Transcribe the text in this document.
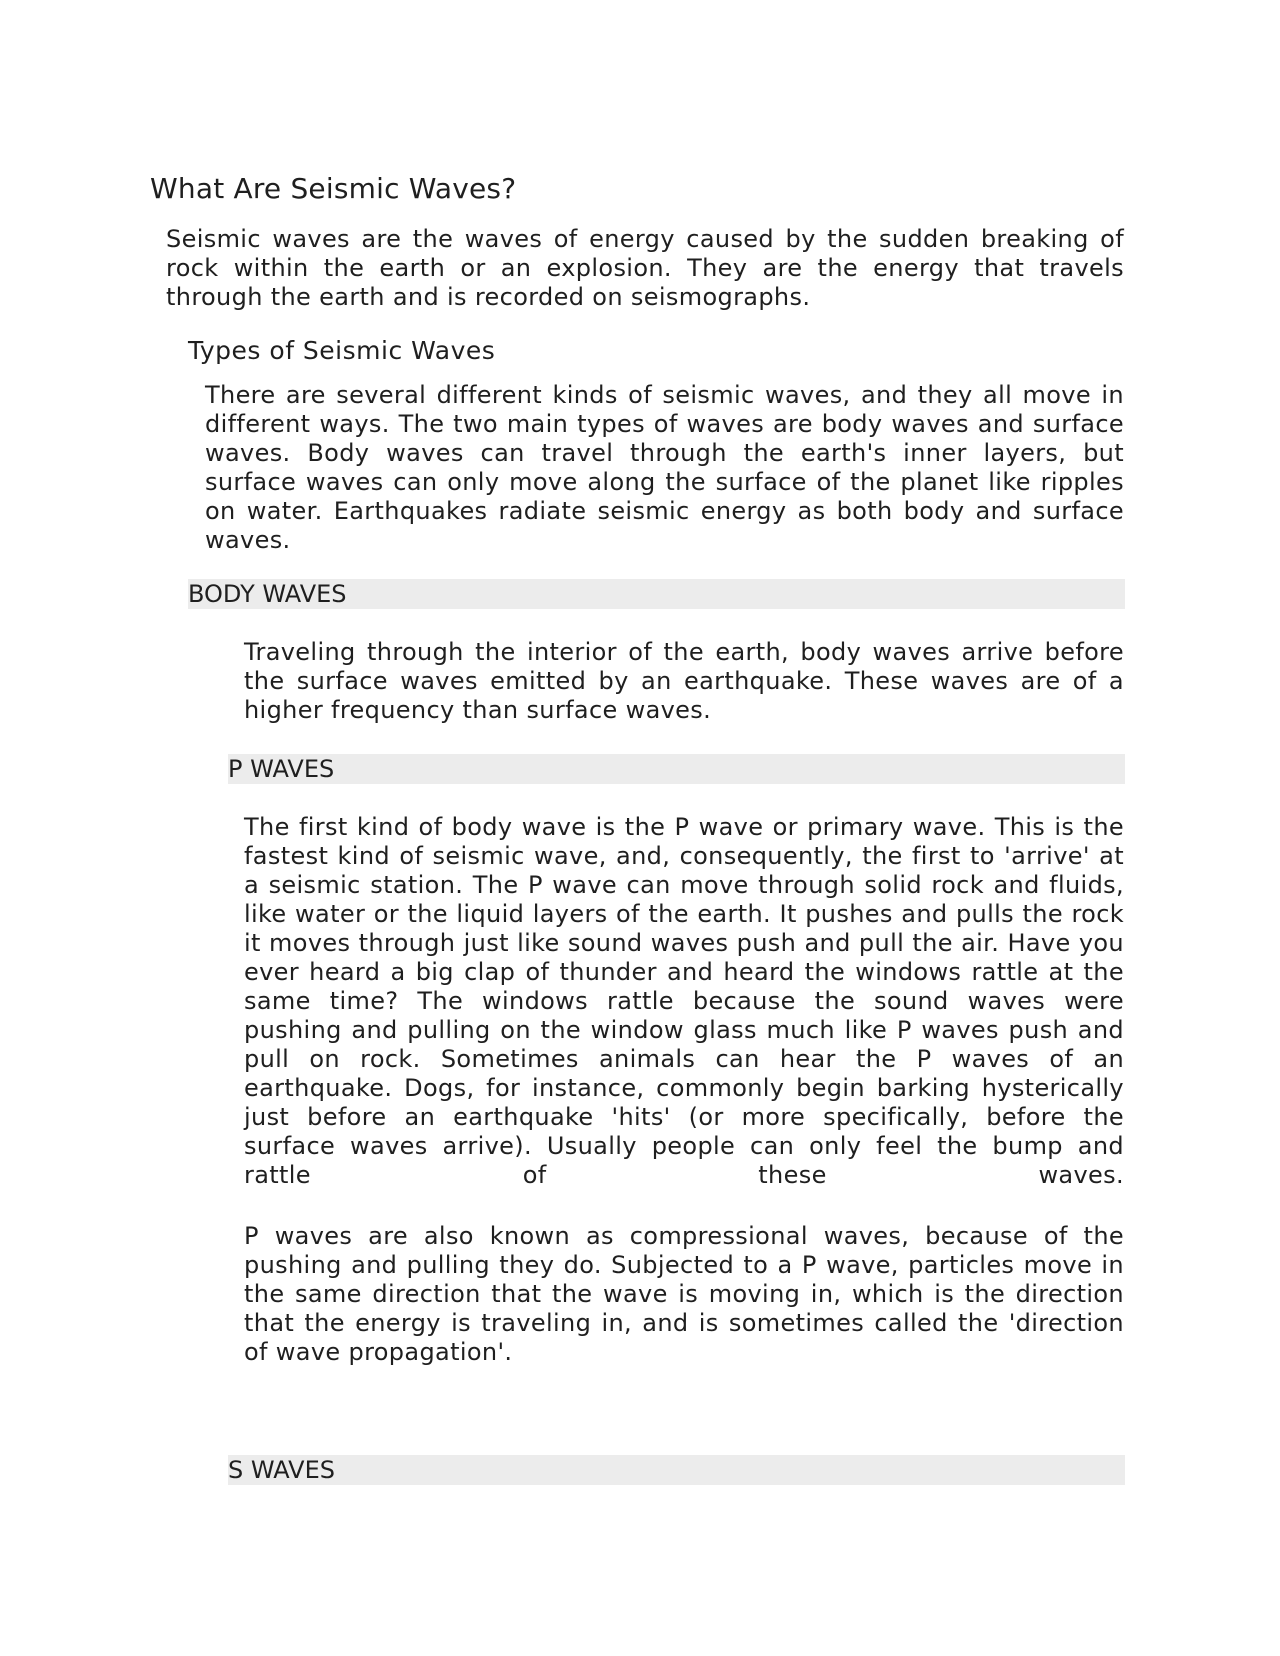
What Are Seismic Waves?

Seismic waves are the waves of energy caused by the sudden breaking of rock within the earth or an explosion. They are the energy that travels through the earth and is recorded on seismographs.

Types of Seismic Waves

There are several different kinds of seismic waves, and they all move in different ways. The two main types of waves are body waves and surface waves. Body waves can travel through the earth's inner layers, but surface waves can only move along the surface of the planet like ripples on water. Earthquakes radiate seismic energy as both body and surface waves.

BODY WAVES

Traveling through the interior of the earth, body waves arrive before the surface waves emitted by an earthquake. These waves are of a higher frequency than surface waves.

P WAVES

The first kind of body wave is the P wave or primary wave. This is the fastest kind of seismic wave, and, consequently, the first to 'arrive' at a seismic station. The P wave can move through solid rock and fluids, like water or the liquid layers of the earth. It pushes and pulls the rock it moves through just like sound waves push and pull the air. Have you ever heard a big clap of thunder and heard the windows rattle at the same time? The windows rattle because the sound waves were pushing and pulling on the window glass much like P waves push and pull on rock. Sometimes animals can hear the P waves of an earthquake. Dogs, for instance, commonly begin barking hysterically just before an earthquake 'hits' (or more specifically, before the surface waves arrive). Usually people can only feel the bump and rattle of these waves.

P waves are also known as compressional waves, because of the pushing and pulling they do. Subjected to a P wave, particles move in the same direction that the wave is moving in, which is the direction that the energy is traveling in, and is sometimes called the 'direction of wave propagation'.

S WAVES
